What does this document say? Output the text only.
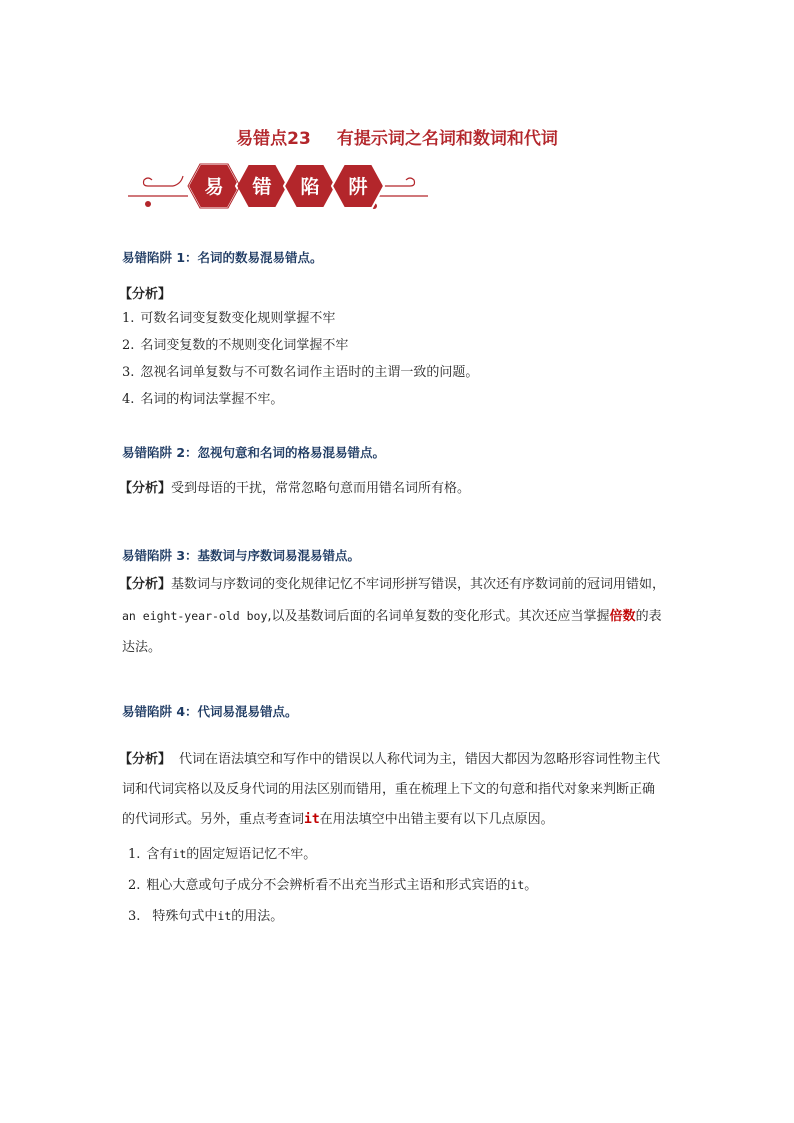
易错点23 有提示词之名词和数词和代词
易 错 陷 阱
易错陷阱 1：名词的数易混易错点。
【分析】
1. 可数名词变复数变化规则掌握不牢
2. 名词变复数的不规则变化词掌握不牢
3. 忽视名词单复数与不可数名词作主语时的主谓一致的问题。
4. 名词的构词法掌握不牢。
易错陷阱 2：忽视句意和名词的格易混易错点。
【分析】受到母语的干扰，常常忽略句意而用错名词所有格。
易错陷阱 3：基数词与序数词易混易错点。
【分析】基数词与序数词的变化规律记忆不牢词形拼写错误，其次还有序数词前的冠词用错如，
an eight-year-old boy,以及基数词后面的名词单复数的变化形式。其次还应当掌握倍数的表
达法。
易错陷阱 4：代词易混易错点。
【分析】 代词在语法填空和写作中的错误以人称代词为主，错因大都因为忽略形容词性物主代
词和代词宾格以及反身代词的用法区别而错用，重在梳理上下文的句意和指代对象来判断正确
的代词形式。另外，重点考查词it在用法填空中出错主要有以下几点原因。
1. 含有it的固定短语记忆不牢。
2. 粗心大意或句子成分不会辨析看不出充当形式主语和形式宾语的it。
3. 特殊句式中it的用法。
